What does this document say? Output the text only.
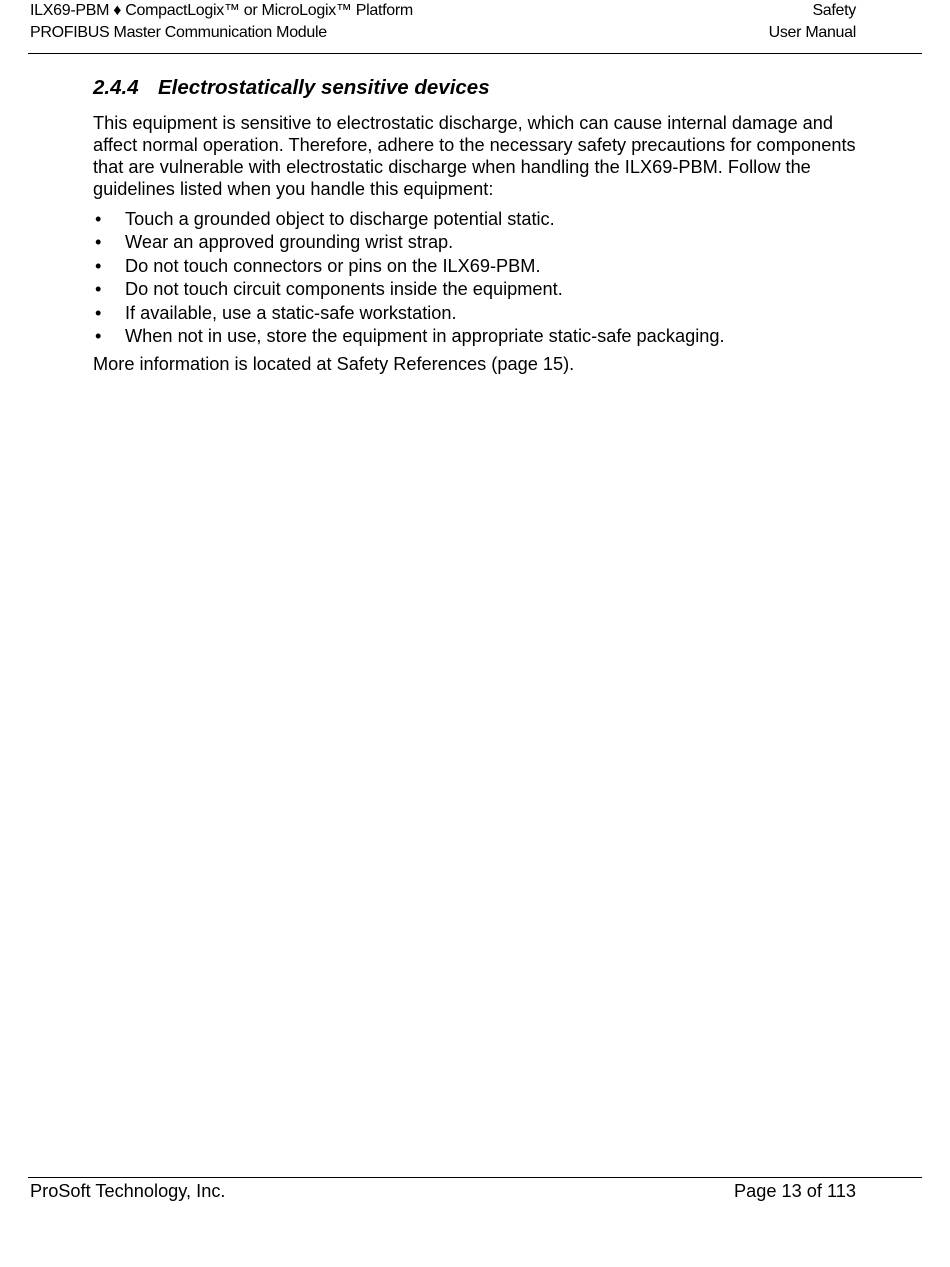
ILX69-PBM ♦ CompactLogix™ or MicroLogix™ Platform
PROFIBUS Master Communication Module
Safety
User Manual
2.4.4 Electrostatically sensitive devices

This equipment is sensitive to electrostatic discharge, which can cause internal damage and affect normal operation. Therefore, adhere to the necessary safety precautions for components that are vulnerable with electrostatic discharge when handling the ILX69-PBM. Follow the guidelines listed when you handle this equipment:

• Touch a grounded object to discharge potential static.
• Wear an approved grounding wrist strap.
• Do not touch connectors or pins on the ILX69-PBM.
• Do not touch circuit components inside the equipment.
• If available, use a static-safe workstation.
• When not in use, store the equipment in appropriate static-safe packaging.

More information is located at Safety References (page 15).

ProSoft Technology, Inc.	Page 13 of 113
